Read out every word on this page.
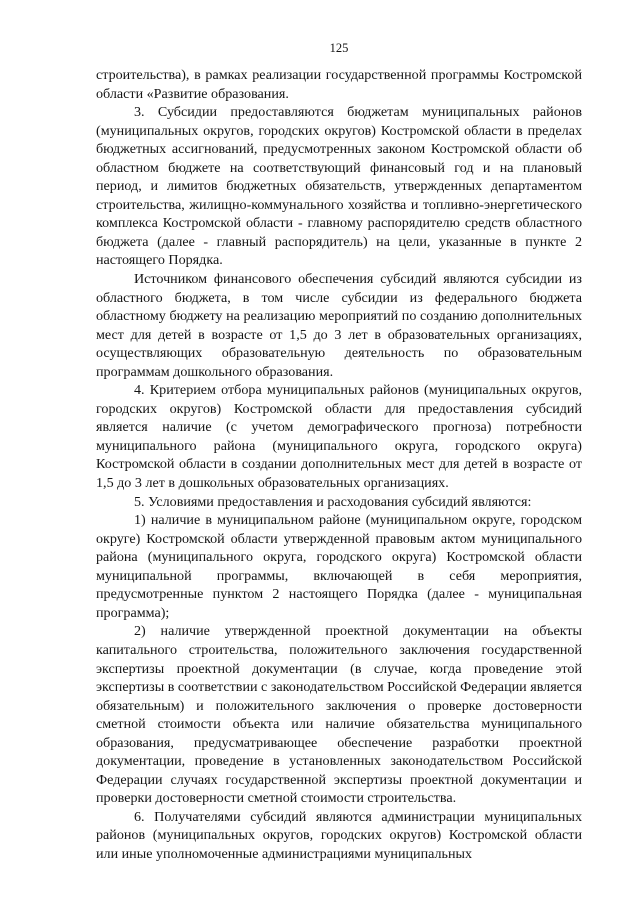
125

строительства), в рамках реализации государственной программы Костромской области «Развитие образования.

3. Субсидии предоставляются бюджетам муниципальных районов (муниципальных округов, городских округов) Костромской области в пределах бюджетных ассигнований, предусмотренных законом Костромской области об областном бюджете на соответствующий финансовый год и на плановый период, и лимитов бюджетных обязательств, утвержденных департаментом строительства, жилищно-коммунального хозяйства и топливно-энергетического комплекса Костромской области - главному распорядителю средств областного бюджета (далее - главный распорядитель) на цели, указанные в пункте 2 настоящего Порядка.

Источником финансового обеспечения субсидий являются субсидии из областного бюджета, в том числе субсидии из федерального бюджета областному бюджету на реализацию мероприятий по созданию дополнительных мест для детей в возрасте от 1,5 до 3 лет в образовательных организациях, осуществляющих образовательную деятельность по образовательным программам дошкольного образования.

4. Критерием отбора муниципальных районов (муниципальных округов, городских округов) Костромской области для предоставления субсидий является наличие (с учетом демографического прогноза) потребности муниципального района (муниципального округа, городского округа) Костромской области в создании дополнительных мест для детей в возрасте от 1,5 до 3 лет в дошкольных образовательных организациях.

5. Условиями предоставления и расходования субсидий являются:

1) наличие в муниципальном районе (муниципальном округе, городском округе) Костромской области утвержденной правовым актом муниципального района (муниципального округа, городского округа) Костромской области муниципальной программы, включающей в себя мероприятия, предусмотренные пунктом 2 настоящего Порядка (далее - муниципальная программа);

2) наличие утвержденной проектной документации на объекты капитального строительства, положительного заключения государственной экспертизы проектной документации (в случае, когда проведение этой экспертизы в соответствии с законодательством Российской Федерации является обязательным) и положительного заключения о проверке достоверности сметной стоимости объекта или наличие обязательства муниципального образования, предусматривающее обеспечение разработки проектной документации, проведение в установленных законодательством Российской Федерации случаях государственной экспертизы проектной документации и проверки достоверности сметной стоимости строительства.

6. Получателями субсидий являются администрации муниципальных районов (муниципальных округов, городских округов) Костромской области или иные уполномоченные администрациями муниципальных
